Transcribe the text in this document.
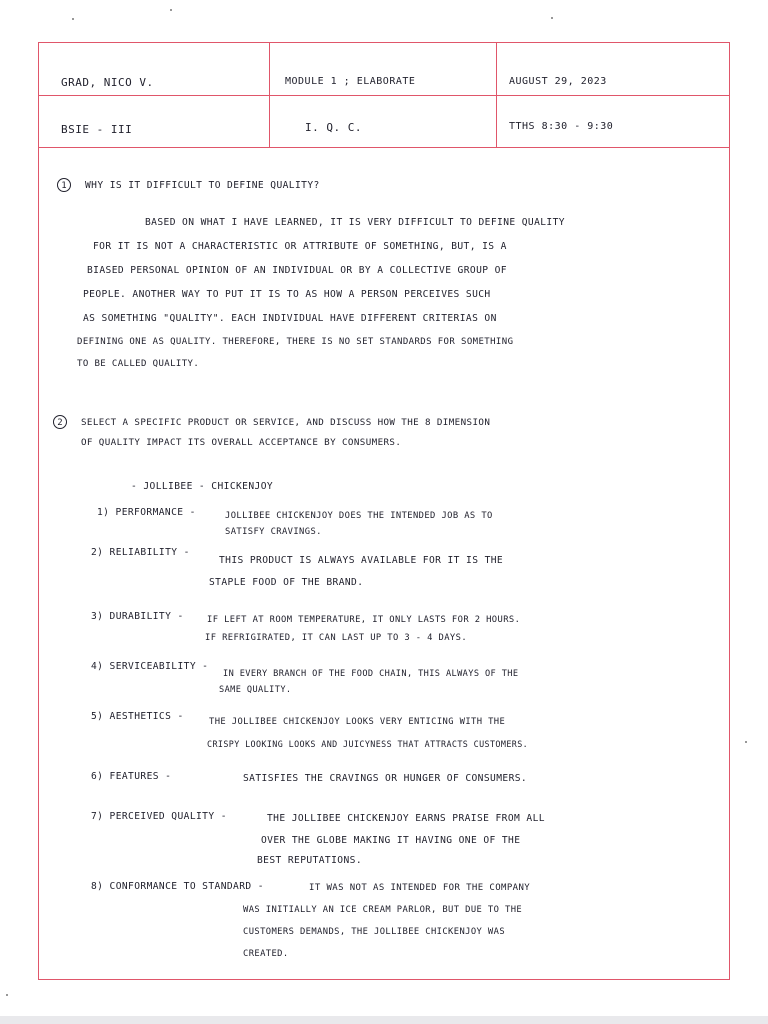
GRAD, NICO V.	MODULE 1 ; ELABORATE	AUGUST 29, 2023
BSIE - III	I. Q. C.	TTHS 8:30 - 9:30
1	WHY IS IT DIFFICULT TO DEFINE QUALITY?
BASED ON WHAT I HAVE LEARNED, IT IS VERY DIFFICULT TO DEFINE QUALITY
FOR IT IS NOT A CHARACTERISTIC OR ATTRIBUTE OF SOMETHING, BUT, IS A
BIASED PERSONAL OPINION OF AN INDIVIDUAL OR BY A COLLECTIVE GROUP OF
PEOPLE. ANOTHER WAY TO PUT IT IS TO AS HOW A PERSON PERCEIVES SUCH
AS SOMETHING "QUALITY". EACH INDIVIDUAL HAVE DIFFERENT CRITERIAS ON
DEFINING ONE AS QUALITY. THEREFORE, THERE IS NO SET STANDARDS FOR SOMETHING
TO BE CALLED QUALITY.
2	SELECT A SPECIFIC PRODUCT OR SERVICE, AND DISCUSS HOW THE 8 DIMENSION
OF QUALITY IMPACT ITS OVERALL ACCEPTANCE BY CONSUMERS.
- JOLLIBEE - CHICKENJOY
1) PERFORMANCE -	JOLLIBEE CHICKENJOY DOES THE INTENDED JOB AS TO
SATISFY CRAVINGS.
2) RELIABILITY -
THIS PRODUCT IS ALWAYS AVAILABLE FOR IT IS THE
STAPLE FOOD OF THE BRAND.
3) DURABILITY -	IF LEFT AT ROOM TEMPERATURE, IT ONLY LASTS FOR 2 HOURS.
IF REFRIGIRATED, IT CAN LAST UP TO 3 - 4 DAYS.
4) SERVICEABILITY -
IN EVERY BRANCH OF THE FOOD CHAIN, THIS ALWAYS OF THE
SAME QUALITY.
5) AESTHETICS -	THE JOLLIBEE CHICKENJOY LOOKS VERY ENTICING WITH THE
CRISPY LOOKING LOOKS AND JUICYNESS THAT ATTRACTS CUSTOMERS.
6) FEATURES -	SATISFIES THE CRAVINGS OR HUNGER OF CONSUMERS.
7) PERCEIVED QUALITY -	THE JOLLIBEE CHICKENJOY EARNS PRAISE FROM ALL
OVER THE GLOBE MAKING IT HAVING ONE OF THE
BEST REPUTATIONS.
8) CONFORMANCE TO STANDARD -	IT WAS NOT AS INTENDED FOR THE COMPANY
WAS INITIALLY AN ICE CREAM PARLOR, BUT DUE TO THE
CUSTOMERS DEMANDS, THE JOLLIBEE CHICKENJOY WAS
CREATED.
